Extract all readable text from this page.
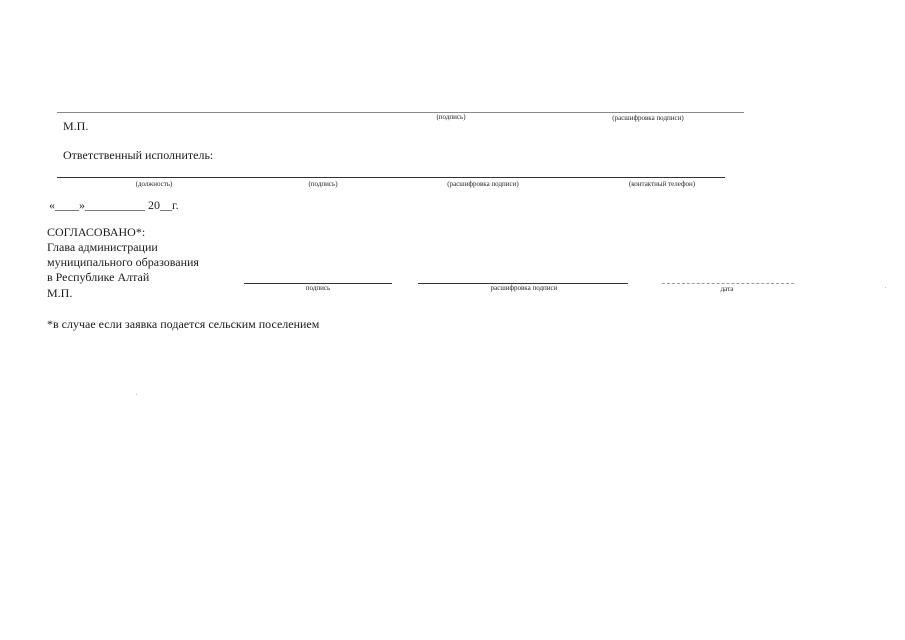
(подпись)	(расшифровка подписи)
М.П.
Ответственный исполнитель:
(должность)	(подпись)	(расшифровка подписи)	(контактный телефон)
«____»__________ 20__г.
СОГЛАСОВАНО*:
Глава администрации
муниципального образования
в Республике Алтай
М.П.	подпись	расшифровка подписи	дата
*в случае если заявка подается сельским поселением
